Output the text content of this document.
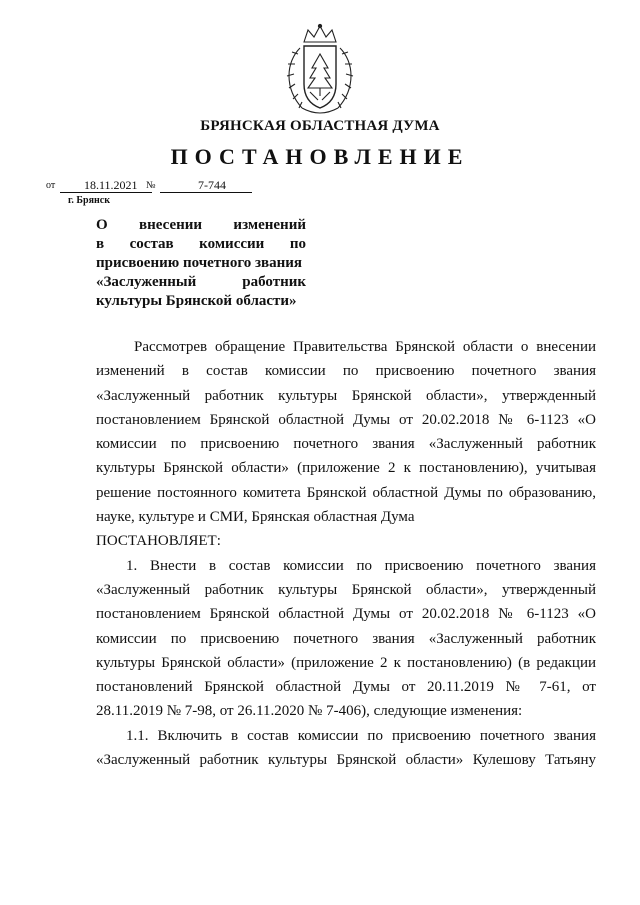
БРЯНСКАЯ ОБЛАСТНАЯ ДУМА
ПОСТАНОВЛЕНИЕ
от 18.11.2021 №	7-744
г. Брянск
О внесении изменений
в состав комиссии по
присвоению почетного звания
«Заслуженный работник
культуры Брянской области»

Рассмотрев обращение Правительства Брянской области о внесении изменений в состав комиссии по присвоению почетного звания «Заслуженный работник культуры Брянской области», утвержденный постановлением Брянской областной Думы от 20.02.2018 № 6-1123 «О комиссии по присвоению почетного звания «Заслуженный работник культуры Брянской области» (приложение 2 к постановлению), учитывая решение постоянного комитета Брянской областной Думы по образованию, науке, культуре и СМИ, Брянская областная Дума

ПОСТАНОВЛЯЕТ:

1. Внести в состав комиссии по присвоению почетного звания «Заслуженный работник культуры Брянской области», утвержденный постановлением Брянской областной Думы от 20.02.2018 № 6-1123 «О комиссии по присвоению почетного звания «Заслуженный работник культуры Брянской области» (приложение 2 к постановлению) (в редакции постановлений Брянской областной Думы от 20.11.2019 № 7-61, от 28.11.2019 № 7-98, от 26.11.2020 № 7-406), следующие изменения:

1.1. Включить в состав комиссии по присвоению почетного звания «Заслуженный работник культуры Брянской области» Кулешову Татьяну
